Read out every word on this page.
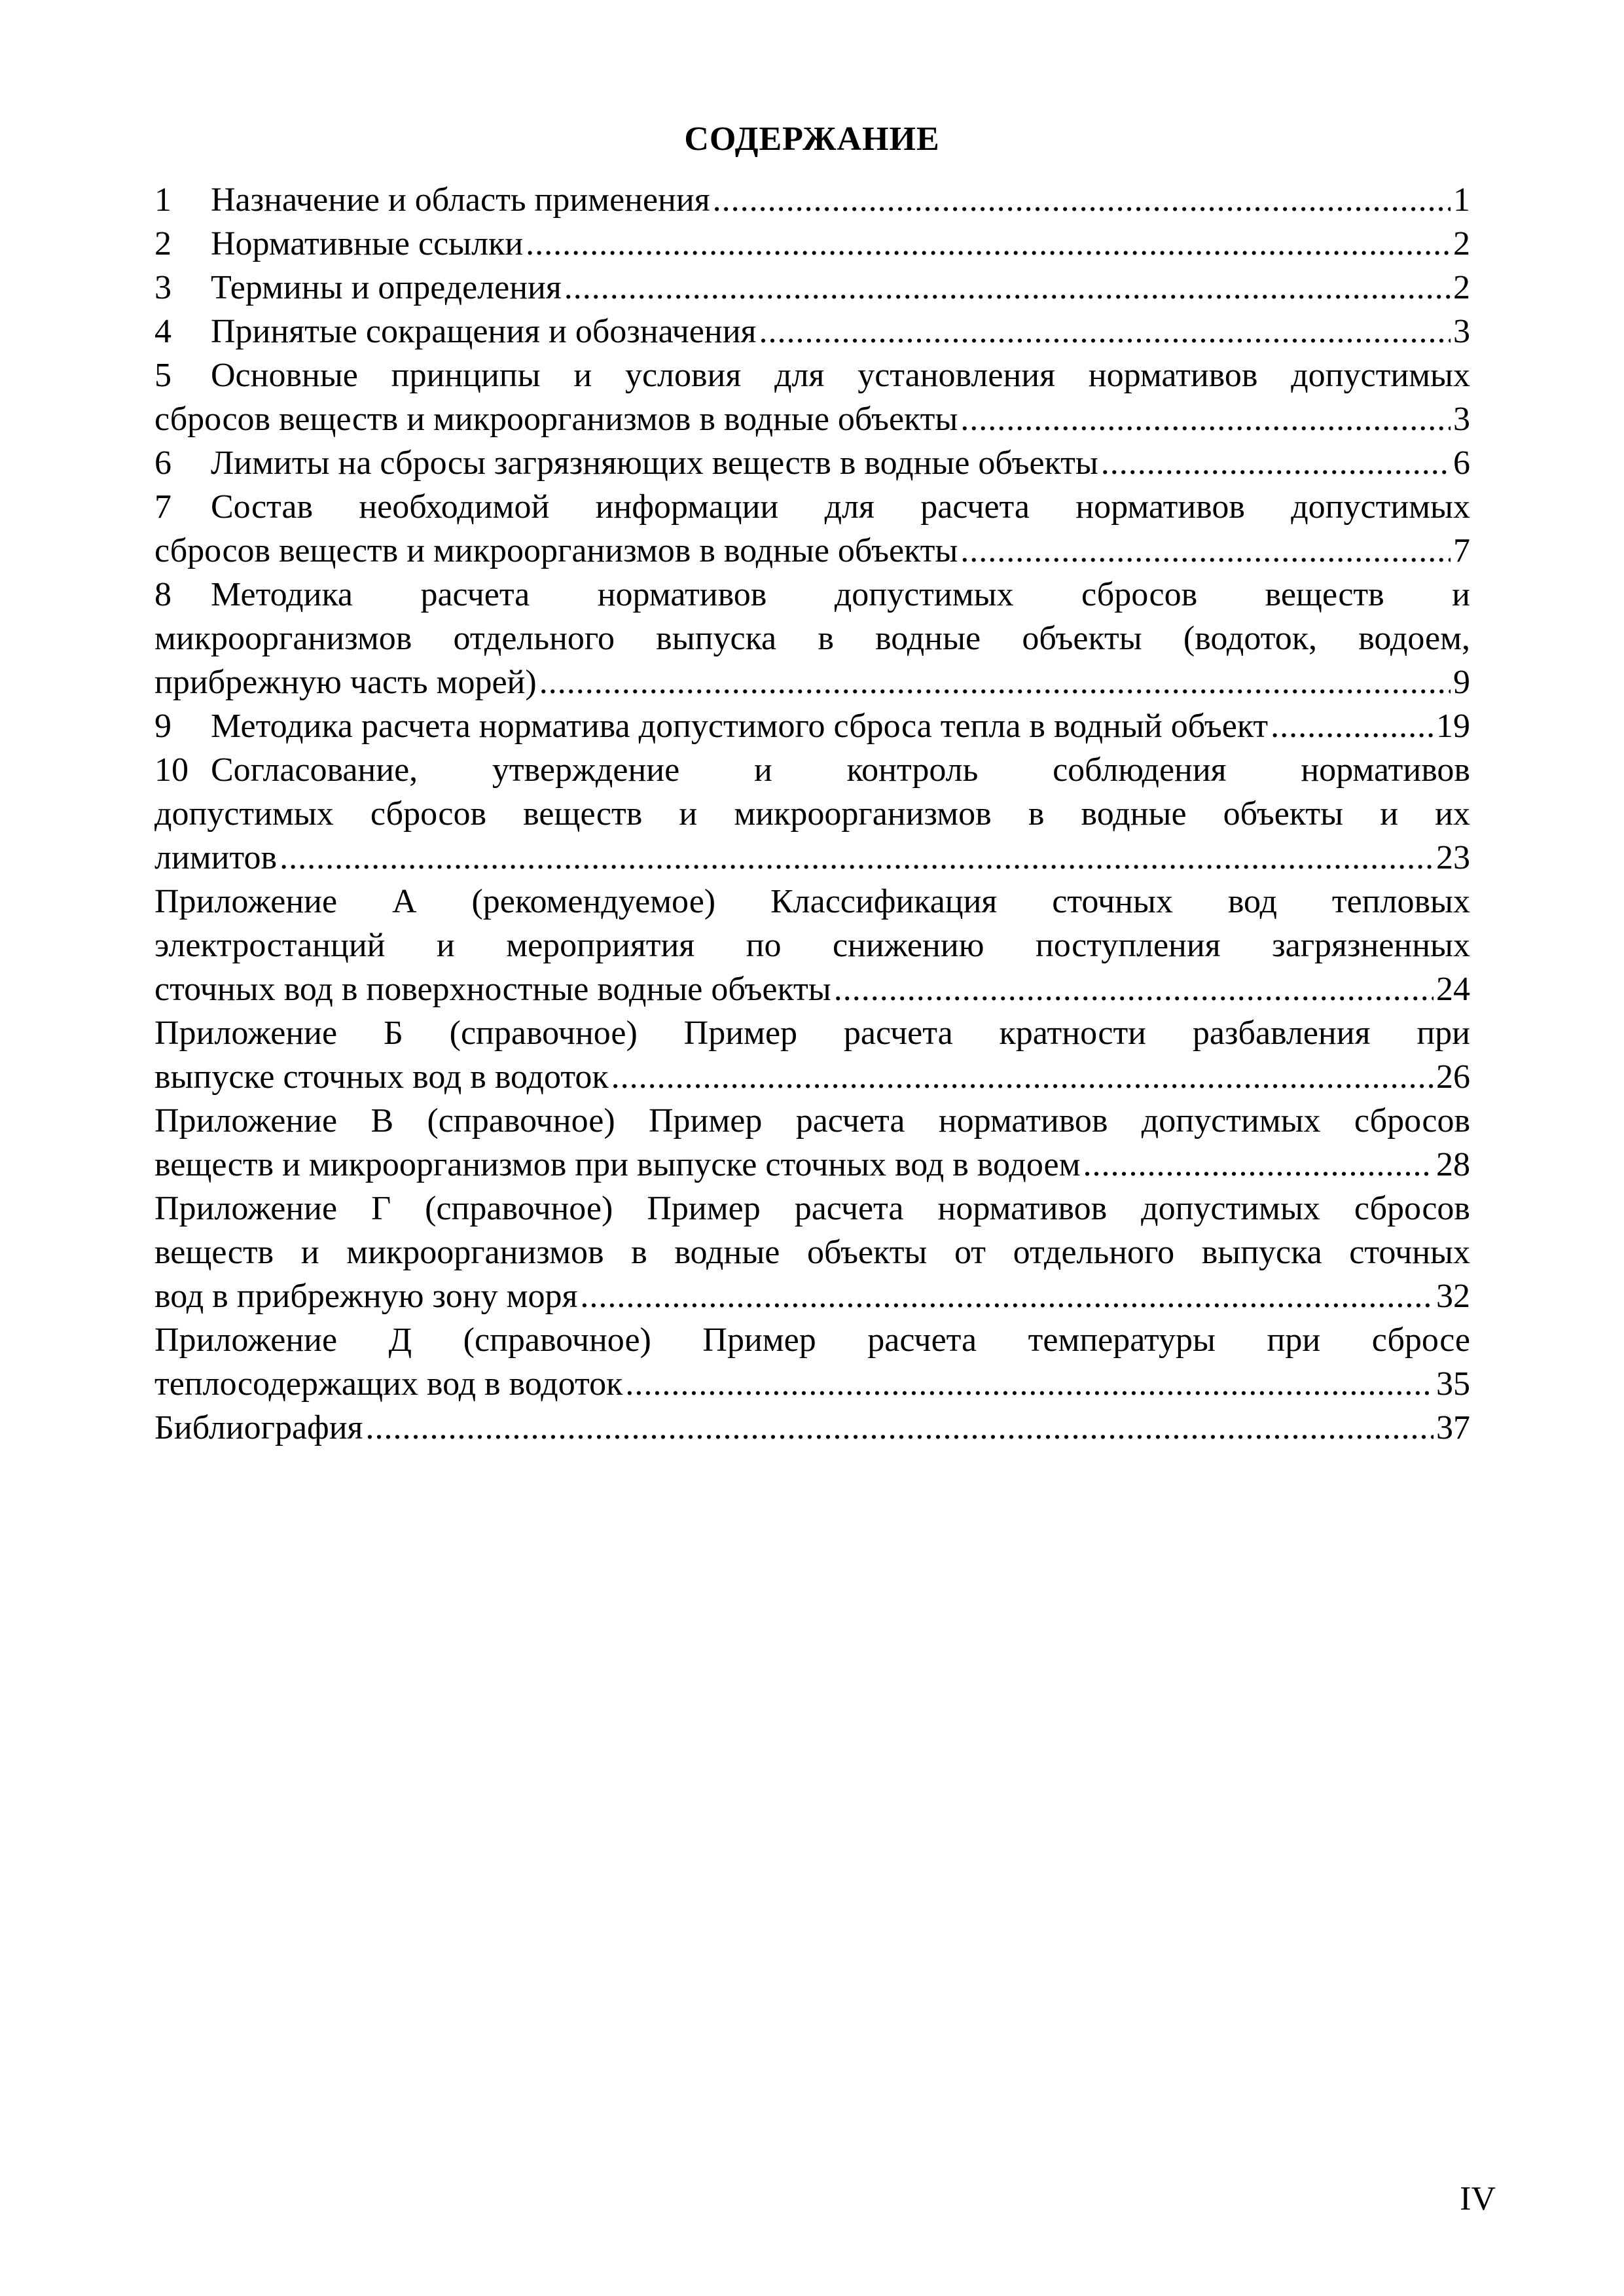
СОДЕРЖАНИЕ
1	Назначение и область применения .....	1
2	Нормативные ссылки .....	2
3	Термины и определения .....	2
4	Принятые сокращения и обозначения .....	3
5 Основные принципы и условия для установления нормативов допустимых
сбросов веществ и микроорганизмов в водные объекты .....	3
6	Лимиты на сбросы загрязняющих веществ в водные объекты .....	6
7 Состав необходимой информации для расчета нормативов допустимых
сбросов веществ и микроорганизмов в водные объекты .....	7
8 Методика расчета нормативов допустимых сбросов веществ и
микроорганизмов отдельного выпуска в водные объекты (водоток, водоем,
прибрежную часть морей) .....	9
9	Методика расчета норматива допустимого сброса тепла в водный объект .....	19
10 Согласование, утверждение и контроль соблюдения нормативов
допустимых сбросов веществ и микроорганизмов в водные объекты и их
лимитов .....	23
Приложение А (рекомендуемое) Классификация сточных вод тепловых
электростанций и мероприятия по снижению поступления загрязненных
сточных вод в поверхностные водные объекты .....	24
Приложение Б (справочное) Пример расчета кратности разбавления при
выпуске сточных вод в водоток .....	26
Приложение В (справочное) Пример расчета нормативов допустимых сбросов
веществ и микроорганизмов при выпуске сточных вод в водоем .....	28
Приложение Г (справочное) Пример расчета нормативов допустимых сбросов
веществ и микроорганизмов в водные объекты от отдельного выпуска сточных
вод в прибрежную зону моря .....	32
Приложение Д (справочное) Пример расчета температуры при сбросе
теплосодержащих вод в водоток .....	35
Библиография .....	37
IV
